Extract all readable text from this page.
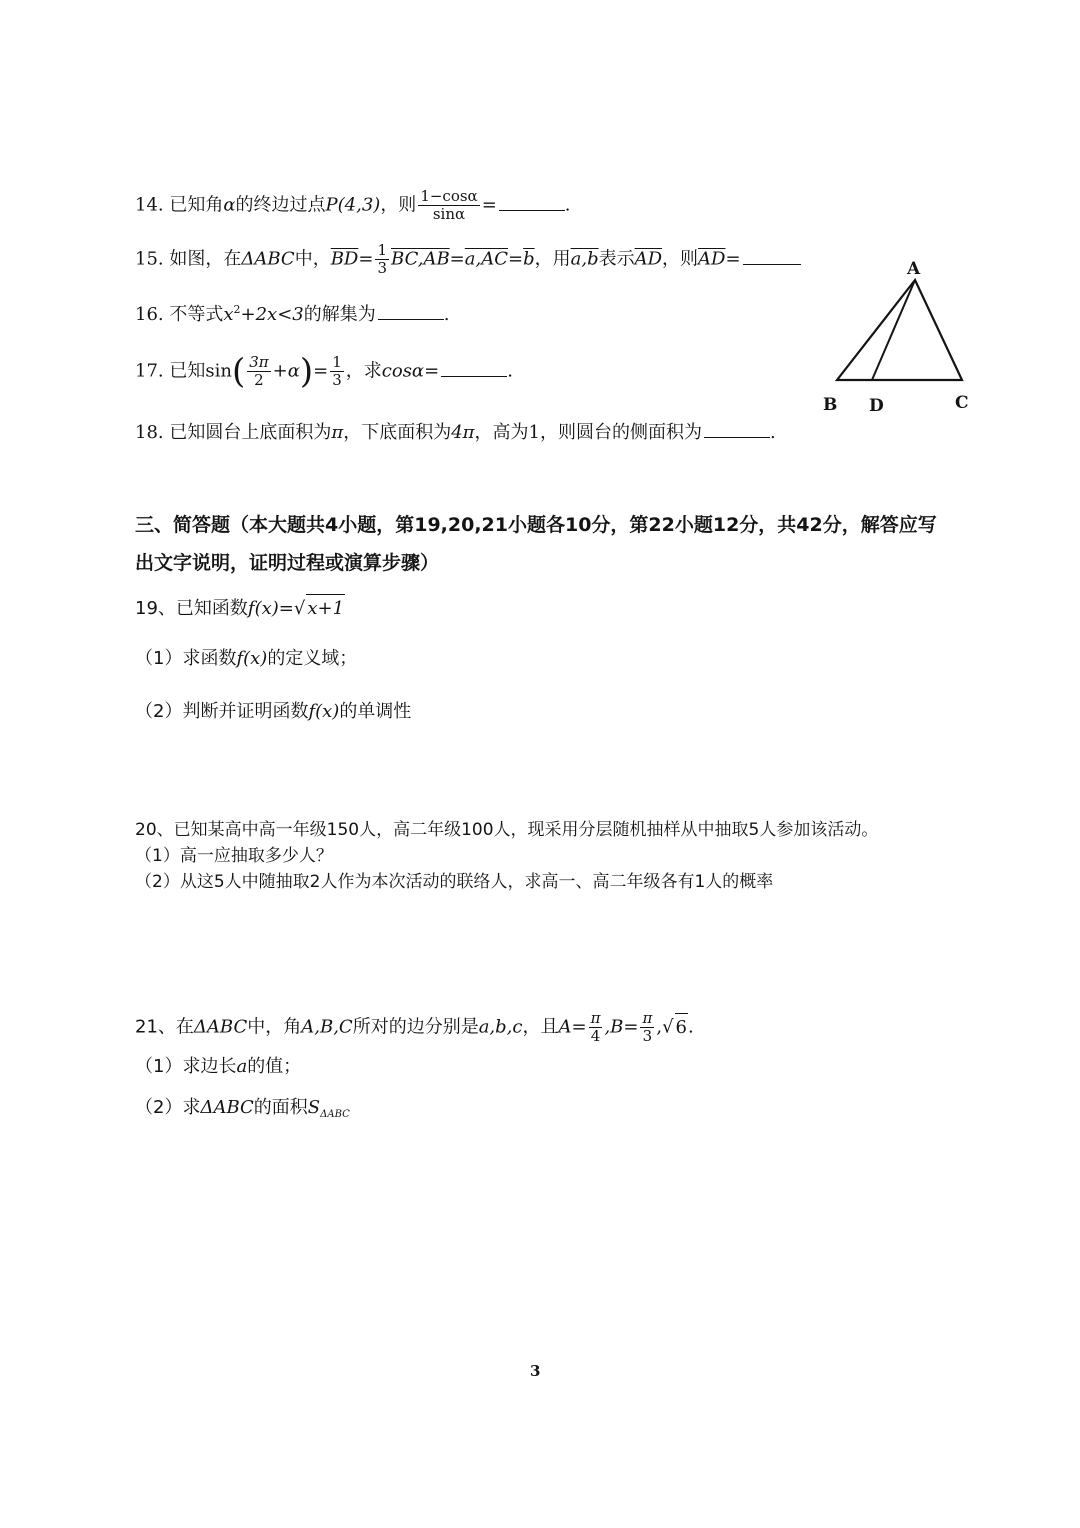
14. 已知角α的终边过点P(4,3)，则 $\frac{1-\cos\alpha}{\sin\alpha}$ =	.
15. 如图，在ΔABC中，$\overline{BD}= \frac{1}{3} \overline{BC},AB=\overline{a},AC=\overline{b}$，用a,b表示$\overline{AD}$，则$\overline{AD}=$
16. 不等式$x^2+2x<3$的解集为	.
17. 已知$\sin( \frac{3\pi}{2} +\alpha)= \frac{1}{3}$ ，求cosα=	.
18. 已知圆台上底面积为π，下底面积为4π，高为1，则圆台的侧面积为	.
A
B D	C
三、简答题（本大题共4小题，第19,20,21小题各10分，第22小题12分，共42分，解答应写出文字说明，证明过程或演算步骤）
19、已知函数f(x)=√ x+1
（1）求函数f(x)的定义域；
（2）判断并证明函数f(x)的单调性
20、已知某高中高一年级150人，高二年级100人，现采用分层随机抽样从中抽取5人参加该活动。
（1）高一应抽取多少人？
（2）从这5人中随抽取2人作为本次活动的联络人，求高一、高二年级各有1人的概率
21、在ΔABC中，角A,B,C所对的边分别是a,b,c，且$A= \frac{\pi}{4} ,B= \frac{\pi}{3}$ ,√ 6.
（1）求边长a的值；
（2）求ΔABC的面积$S_{\Delta ABC}$
3
